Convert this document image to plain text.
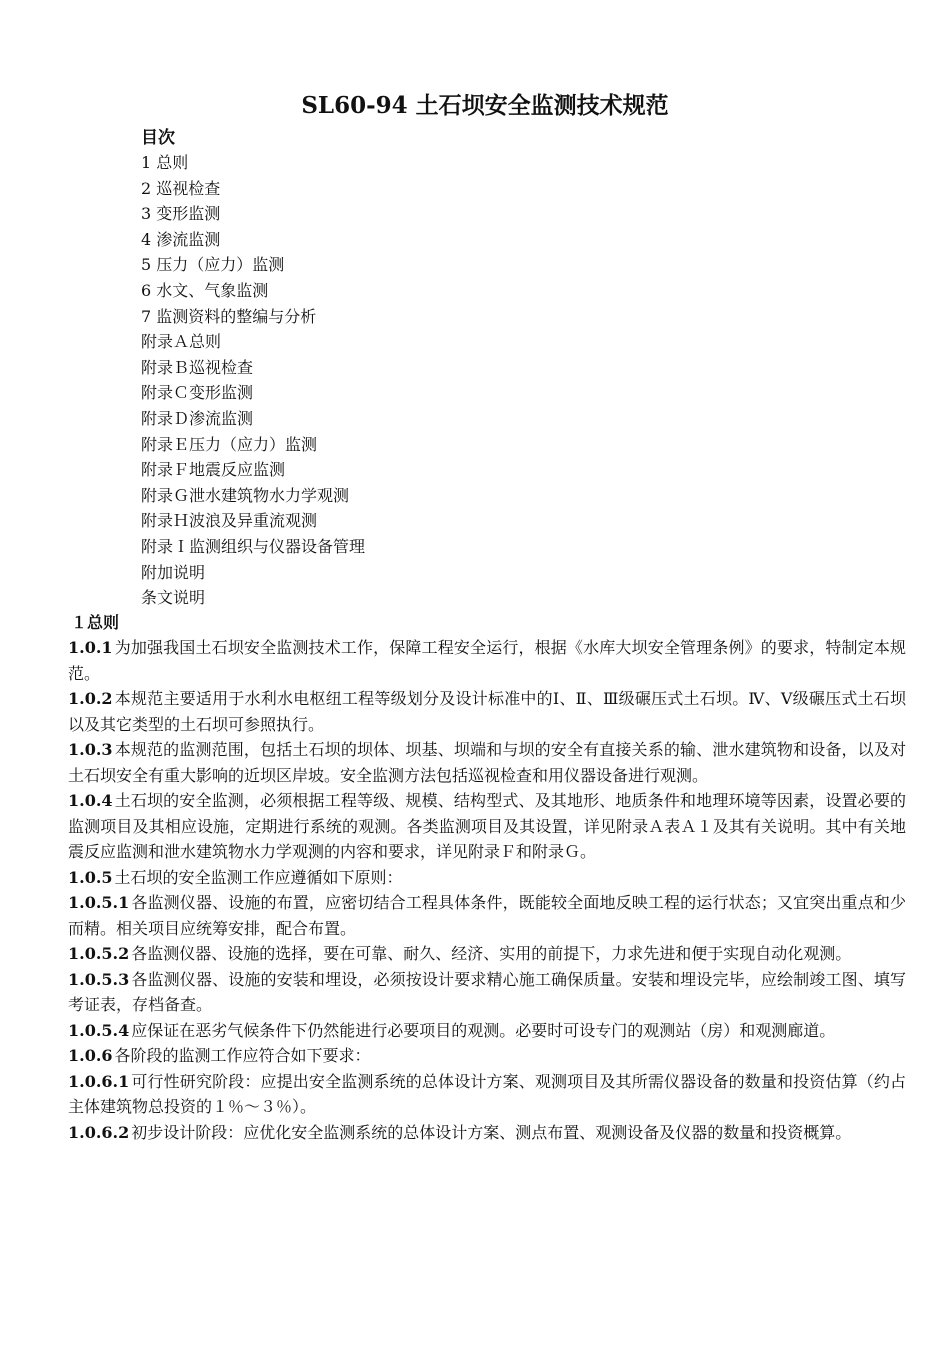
SL60-94 土石坝安全监测技术规范
目次
1 总则
2 巡视检查
3 变形监测
4 渗流监测
5 压力（应力）监测
6 水文、气象监测
7 监测资料的整编与分析
附录Ａ总则
附录Ｂ巡视检查
附录Ｃ变形监测
附录Ｄ渗流监测
附录Ｅ压力（应力）监测
附录Ｆ地震反应监测
附录Ｇ泄水建筑物水力学观测
附录Ｈ波浪及异重流观测
附录Ｉ监测组织与仪器设备管理
附加说明
条文说明
１总则
1.0.1 为加强我国土石坝安全监测技术工作，保障工程安全运行，根据《水库大坝安全管理条例》的要求，特制定本规范。
1.0.2 本规范主要适用于水利水电枢纽工程等级划分及设计标准中的Ⅰ、Ⅱ、Ⅲ级碾压式土石坝。Ⅳ、Ⅴ级碾压式土石坝以及其它类型的土石坝可参照执行。
1.0.3 本规范的监测范围，包括土石坝的坝体、坝基、坝端和与坝的安全有直接关系的输、泄水建筑物和设备，以及对土石坝安全有重大影响的近坝区岸坡。安全监测方法包括巡视检查和用仪器设备进行观测。
1.0.4 土石坝的安全监测，必须根据工程等级、规模、结构型式、及其地形、地质条件和地理环境等因素，设置必要的监测项目及其相应设施，定期进行系统的观测。各类监测项目及其设置，详见附录Ａ表Ａ１及其有关说明。其中有关地震反应监测和泄水建筑物水力学观测的内容和要求，详见附录Ｆ和附录Ｇ。
1.0.5 土石坝的安全监测工作应遵循如下原则：
1.0.5.1 各监测仪器、设施的布置，应密切结合工程具体条件，既能较全面地反映工程的运行状态；又宜突出重点和少而精。相关项目应统筹安排，配合布置。
1.0.5.2 各监测仪器、设施的选择，要在可靠、耐久、经济、实用的前提下，力求先进和便于实现自动化观测。
1.0.5.3 各监测仪器、设施的安装和埋设，必须按设计要求精心施工确保质量。安装和埋设完毕，应绘制竣工图、填写考证表，存档备查。
1.0.5.4 应保证在恶劣气候条件下仍然能进行必要项目的观测。必要时可设专门的观测站（房）和观测廊道。
1.0.6 各阶段的监测工作应符合如下要求：
1.0.6.1 可行性研究阶段：应提出安全监测系统的总体设计方案、观测项目及其所需仪器设备的数量和投资估算（约占主体建筑物总投资的１％～３％）。
1.0.6.2 初步设计阶段：应优化安全监测系统的总体设计方案、测点布置、观测设备及仪器的数量和投资概算。
